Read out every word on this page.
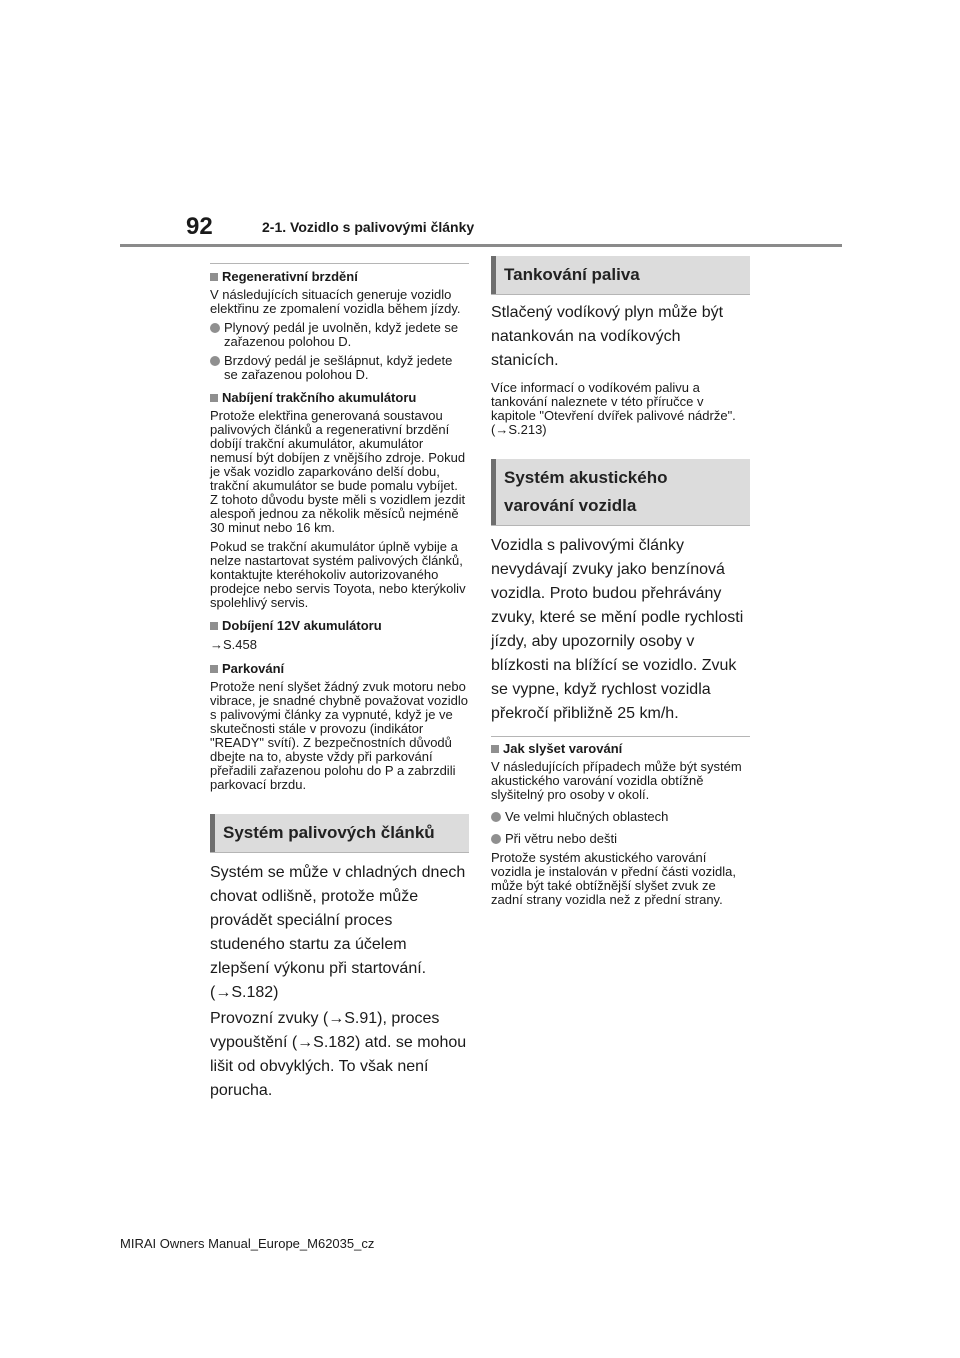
92	2-1. Vozidlo s palivovými články
Regenerativní brzdění

V následujících situacích generuje vozidlo elektřinu ze zpomalení vozidla během jízdy.

Plynový pedál je uvolněn, když jedete se zařazenou polohou D.
Brzdový pedál je sešlápnut, když jedete se zařazenou polohou D.
Nabíjení trakčního akumulátoru

Protože elektřina generovaná soustavou palivových článků a regenerativní brzdění dobíjí trakční akumulátor, akumulátor nemusí být dobíjen z vnějšího zdroje. Pokud je však vozidlo zaparkováno delší dobu, trakční akumulátor se bude pomalu vybíjet. Z tohoto důvodu byste měli s vozidlem jezdit alespoň jednou za několik měsíců nejméně 30 minut nebo 16 km.

Pokud se trakční akumulátor úplně vybije a nelze nastartovat systém palivových článků, kontaktujte kteréhokoliv autorizovaného prodejce nebo servis Toyota, nebo kterýkoliv spolehlivý servis.

Dobíjení 12V akumulátoru

→S.458

Parkování

Protože není slyšet žádný zvuk motoru nebo vibrace, je snadné chybně považovat vozidlo s palivovými články za vypnuté, když je ve skutečnosti stále v provozu (indikátor "READY" svítí). Z bezpečnostních důvodů dbejte na to, abyste vždy při parkování přeřadili zařazenou polohu do P a zabrzdili parkovací brzdu.

Systém palivových článků

Systém se může v chladných dnech chovat odlišně, protože může provádět speciální proces studeného startu za účelem zlepšení výkonu při startování. (→S.182)

Provozní zvuky (→S.91), proces vypouštění (→S.182) atd. se mohou lišit od obvyklých. To však není porucha.

Tankování paliva

Stlačený vodíkový plyn může být natankován na vodíkových stanicích.

Více informací o vodíkovém palivu a tankování naleznete v této příručce v kapitole "Otevření dvířek palivové nádrže". (→S.213)

Systém akustického varování vozidla

Vozidla s palivovými články nevydávají zvuky jako benzínová vozidla. Proto budou přehrávány zvuky, které se mění podle rychlosti jízdy, aby upozornily osoby v blízkosti na blížící se vozidlo. Zvuk se vypne, když rychlost vozidla překročí přibližně 25 km/h.

Jak slyšet varování

V následujících případech může být systém akustického varování vozidla obtížně slyšitelný pro osoby v okolí.

Ve velmi hlučných oblastech
Při větru nebo dešti

Protože systém akustického varování vozidla je instalován v přední části vozidla, může být také obtížnější slyšet zvuk ze zadní strany vozidla než z přední strany.

MIRAI Owners Manual_Europe_M62035_cz
